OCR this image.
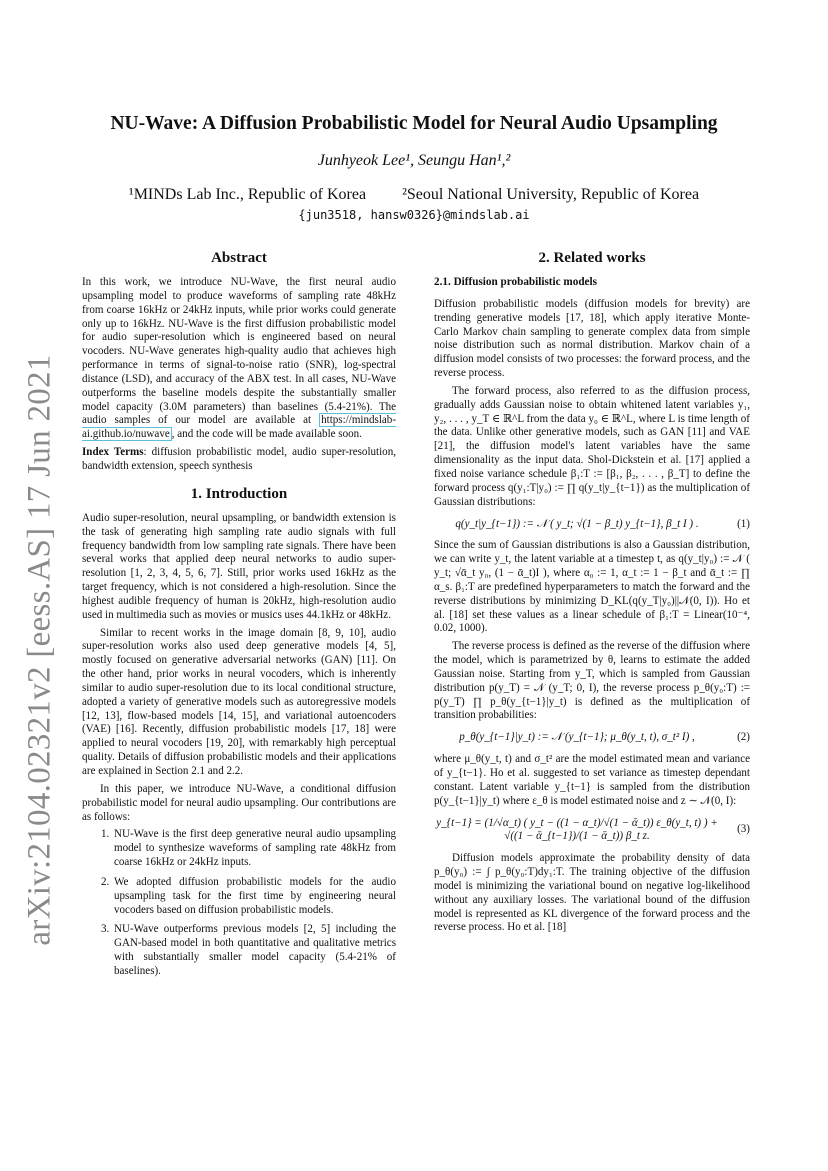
arXiv:2104.02321v2 [eess.AS] 17 Jun 2021
NU-Wave: A Diffusion Probabilistic Model for Neural Audio Upsampling
Junhyeok Lee¹, Seungu Han¹,²
¹MINDs Lab Inc., Republic of Korea ²Seoul National University, Republic of Korea
{jun3518, hansw0326}@mindslab.ai
Abstract

In this work, we introduce NU-Wave, the first neural audio upsampling model to produce waveforms of sampling rate 48kHz from coarse 16kHz or 24kHz inputs, while prior works could generate only up to 16kHz. NU-Wave is the first diffusion probabilistic model for audio super-resolution which is engineered based on neural vocoders. NU-Wave generates high-quality audio that achieves high performance in terms of signal-to-noise ratio (SNR), log-spectral distance (LSD), and accuracy of the ABX test. In all cases, NU-Wave outperforms the baseline models despite the substantially smaller model capacity (3.0M parameters) than baselines (5.4-21%). The audio samples of our model are available at https://mindslab-ai.github.io/nuwave , and the code will be made available soon.

Index Terms: diffusion probabilistic model, audio super-resolution, bandwidth extension, speech synthesis

1. Introduction

Audio super-resolution, neural upsampling, or bandwidth extension is the task of generating high sampling rate audio signals with full frequency bandwidth from low sampling rate signals. There have been several works that applied deep neural networks to audio super-resolution [1, 2, 3, 4, 5, 6, 7]. Still, prior works used 16kHz as the target frequency, which is not considered a high-resolution. Since the highest audible frequency of human is 20kHz, high-resolution audio used in multimedia such as movies or musics uses 44.1kHz or 48kHz.

Similar to recent works in the image domain [8, 9, 10], audio super-resolution works also used deep generative models [4, 5], mostly focused on generative adversarial networks (GAN) [11]. On the other hand, prior works in neural vocoders, which is inherently similar to audio super-resolution due to its local conditional structure, adopted a variety of generative models such as autoregressive models [12, 13], flow-based models [14, 15], and variational autoencoders (VAE) [16]. Recently, diffusion probabilistic models [17, 18] were applied to neural vocoders [19, 20], with remarkably high perceptual quality. Details of diffusion probabilistic models and their applications are explained in Section 2.1 and 2.2.

In this paper, we introduce NU-Wave, a conditional diffusion probabilistic model for neural audio upsampling. Our contributions are as follows:

1. NU-Wave is the first deep generative neural audio upsampling model to synthesize waveforms of sampling rate 48kHz from coarse 16kHz or 24kHz inputs.
2. We adopted diffusion probabilistic models for the audio upsampling task for the first time by engineering neural vocoders based on diffusion probabilistic models.
3. NU-Wave outperforms previous models [2, 5] including the GAN-based model in both quantitative and qualitative metrics with substantially smaller model capacity (5.4-21% of baselines).
2. Related works
2.1. Diffusion probabilistic models

Diffusion probabilistic models (diffusion models for brevity) are trending generative models [17, 18], which apply iterative Monte-Carlo Markov chain sampling to generate complex data from simple noise distribution such as normal distribution. Markov chain of a diffusion model consists of two processes: the forward process, and the reverse process.

The forward process, also referred to as the diffusion process, gradually adds Gaussian noise to obtain whitened latent variables y₁, y₂, . . . , y_T ∈ ℝ^L from the data y₀ ∈ ℝ^L, where L is time length of the data. Unlike other generative models, such as GAN [11] and VAE [21], the diffusion model's latent variables have the same dimensionality as the input data. Shol-Dickstein et al. [17] applied a fixed noise variance schedule β₁:T := [β₁, β₂, . . . , β_T] to define the forward process q(y₁:T|y₀) := ∏ q(y_t|y_{t−1}) as the multiplication of Gaussian distributions:

q(y_t|y_{t−1}) := 𝒩 ( y_t; √(1 − β_t) y_{t−1}, β_t I ) .	(1)

Since the sum of Gaussian distributions is also a Gaussian distribution, we can write y_t, the latent variable at a timestep t, as q(y_t|y₀) := 𝒩 ( y_t; √ᾱ_t y₀, (1 − ᾱ_t)I ), where α₀ := 1, α_t := 1 − β_t and ᾱ_t := ∏ α_s. β₁:T are predefined hyperparameters to match the forward and the reverse distributions by minimizing D_KL(q(y_T|y₀)||𝒩(0, I)). Ho et al. [18] set these values as a linear schedule of β₁:T = Linear(10⁻⁴, 0.02, 1000).

The reverse process is defined as the reverse of the diffusion where the model, which is parametrized by θ, learns to estimate the added Gaussian noise. Starting from y_T, which is sampled from Gaussian distribution p(y_T) = 𝒩 (y_T; 0, I), the reverse process p_θ(y₀:T) := p(y_T) ∏ p_θ(y_{t−1}|y_t) is defined as the multiplication of transition probabilities:

p_θ(y_{t−1}|y_t) := 𝒩 (y_{t−1}; μ_θ(y_t, t), σ_t² I) ,	(2)

where μ_θ(y_t, t) and σ_t² are the model estimated mean and variance of y_{t−1}. Ho et al. suggested to set variance as timestep dependant constant. Latent variable y_{t−1} is sampled from the distribution p(y_{t−1}|y_t) where ε_θ is model estimated noise and z ∼ 𝒩(0, I):

y_{t−1} = (1/√α_t) ( y_t − ((1 − α_t)/√(1 − ᾱ_t)) ε_θ(y_t, t) ) + √((1 − ᾱ_{t−1})/(1 − ᾱ_t)) β_t z.
(3)

Diffusion models approximate the probability density of data p_θ(y₀) := ∫ p_θ(y₀:T)dy₁:T. The training objective of the diffusion model is minimizing the variational bound on negative log-likelihood without any auxiliary losses. The variational bound of the diffusion model is represented as KL divergence of the forward process and the reverse process. Ho et al. [18]
